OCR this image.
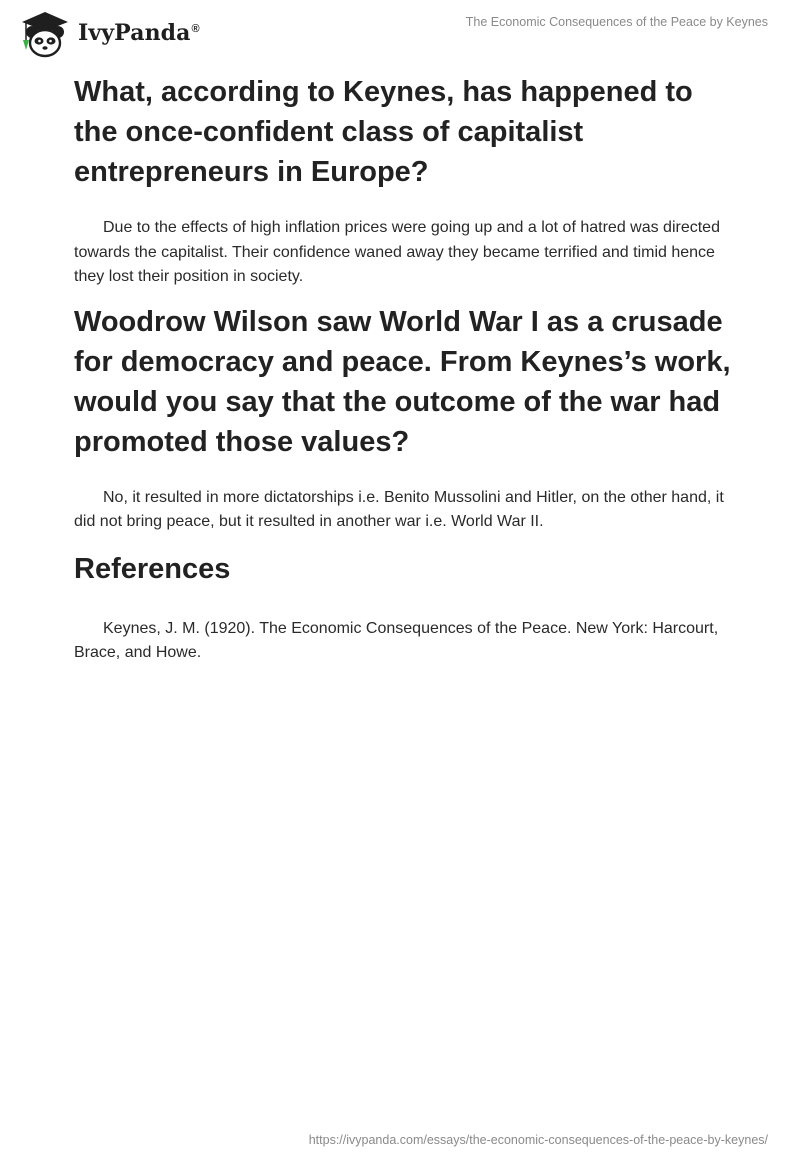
IvyPanda®	The Economic Consequences of the Peace by Keynes
What, according to Keynes, has happened to the once-confident class of capitalist entrepreneurs in Europe?

Due to the effects of high inflation prices were going up and a lot of hatred was directed towards the capitalist. Their confidence waned away they became terrified and timid hence they lost their position in society.

Woodrow Wilson saw World War I as a crusade for democracy and peace. From Keynes’s work, would you say that the outcome of the war had promoted those values?

No, it resulted in more dictatorships i.e. Benito Mussolini and Hitler, on the other hand, it did not bring peace, but it resulted in another war i.e. World War II.

References

Keynes, J. M. (1920). The Economic Consequences of the Peace. New York: Harcourt, Brace, and Howe.

https://ivypanda.com/essays/the-economic-consequences-of-the-peace-by-keynes/
